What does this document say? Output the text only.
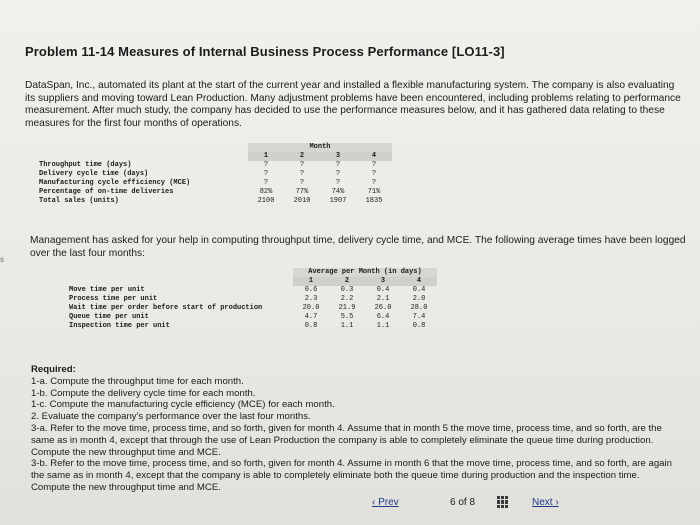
Problem 11-14 Measures of Internal Business Process Performance [LO11-3]
DataSpan, Inc., automated its plant at the start of the current year and installed a flexible manufacturing system. The company is also evaluating its suppliers and moving toward Lean Production. Many adjustment problems have been encountered, including problems relating to performance measurement. After much study, the company has decided to use the performance measures below, and it has gathered data relating to these measures for the first four months of operations.
	Month			
	1	2	3	4
Throughput time (days)	?	?	?	?
Delivery cycle time (days)	?	?	?	?
Manufacturing cycle efficiency (MCE)	?	?	?	?
Percentage of on-time deliveries	82%	77%	74%	71%
Total sales (units)	2100	2010	1907	1835
Management has asked for your help in computing throughput time, delivery cycle time, and MCE. The following average times have been logged over the last four months:
s
	Average per Month (in days)			
	1	2	3	4
Move time per unit	0.6	0.3	0.4	0.4
Process time per unit	2.3	2.2	2.1	2.0
Wait time per order before start of production	20.0	21.9	26.0	28.0
Queue time per unit	4.7	5.5	6.4	7.4
Inspection time per unit	0.8	1.1	1.1	0.8
Required:
1-a. Compute the throughput time for each month.
1-b. Compute the delivery cycle time for each month.
1-c. Compute the manufacturing cycle efficiency (MCE) for each month.
2. Evaluate the company's performance over the last four months.
3-a. Refer to the move time, process time, and so forth, given for month 4. Assume that in month 5 the move time, process time, and so forth, are the same as in month 4, except that through the use of Lean Production the company is able to completely eliminate the queue time during production. Compute the new throughput time and MCE.
3-b. Refer to the move time, process time, and so forth, given for month 4. Assume in month 6 that the move time, process time, and so forth, are again the same as in month 4, except that the company is able to completely eliminate both the queue time during production and the inspection time. Compute the new throughput time and MCE.
‹ Prev	6 of 8	Next ›
